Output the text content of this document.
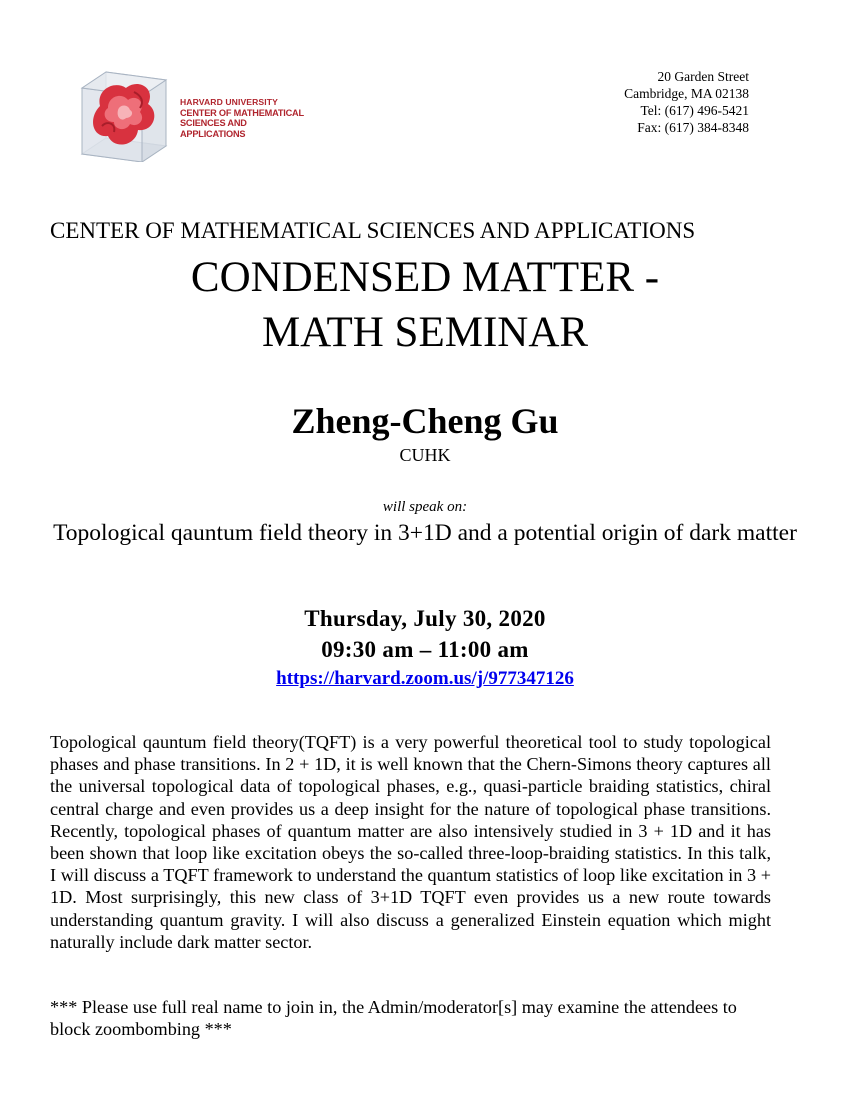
HARVARD UNIVERSITY
CENTER OF MATHEMATICAL
SCIENCES AND APPLICATIONS
20 Garden Street
Cambridge, MA 02138
Tel: (617) 496-5421
Fax: (617) 384-8348
CENTER OF MATHEMATICAL SCIENCES AND APPLICATIONS
CONDENSED MATTER -
MATH SEMINAR
Zheng-Cheng Gu
CUHK
will speak on:
Topological qauntum field theory in 3+1D and a potential origin of dark matter
Thursday, July 30, 2020
09:30 am – 11:00 am
https://harvard.zoom.us/j/977347126
Topological qauntum field theory(TQFT) is a very powerful theoretical tool to study topological phases and phase transitions. In 2 + 1D, it is well known that the Chern-Simons theory captures all the universal topological data of topological phases, e.g., quasi-particle braiding statistics, chiral central charge and even provides us a deep insight for the nature of topological phase transitions. Recently, topological phases of quantum matter are also intensively studied in 3 + 1D and it has been shown that loop like excitation obeys the so-called three-loop-braiding statistics. In this talk, I will discuss a TQFT framework to understand the quantum statistics of loop like excitation in 3 + 1D. Most surprisingly, this new class of 3+1D TQFT even provides us a new route towards understanding quantum gravity. I will also discuss a generalized Einstein equation which might naturally include dark matter sector.
*** Please use full real name to join in, the Admin/moderator[s] may examine the attendees to block zoombombing ***
